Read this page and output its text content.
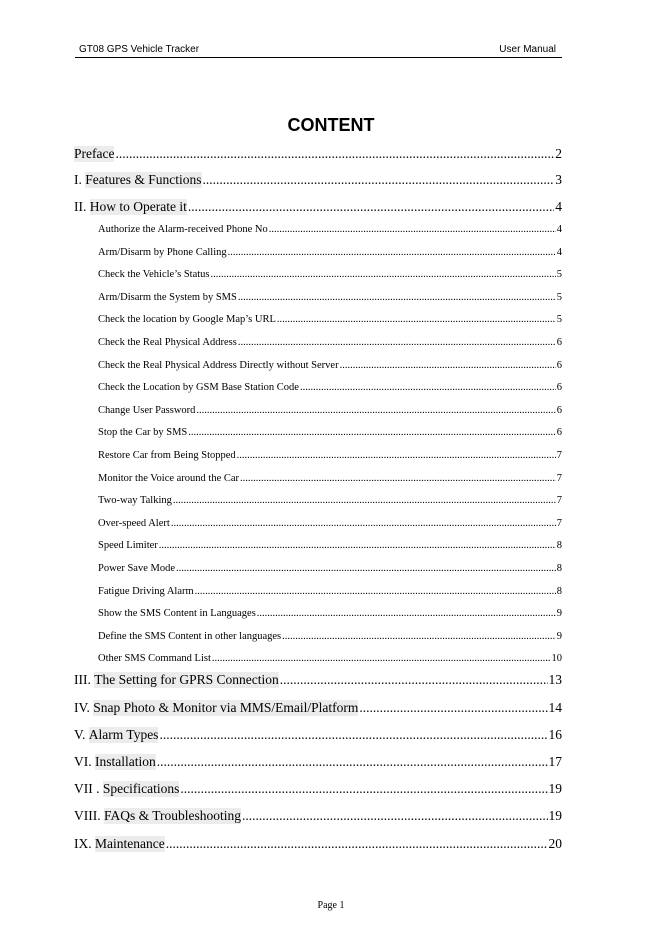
GT08 GPS Vehicle Tracker	User Manual
CONTENT
Preface .....	2
I. Features & Functions .....	3
II. How to Operate it .....	4
Authorize the Alarm-received Phone No .....	4
Arm/Disarm by Phone Calling .....	4
Check the Vehicle’s Status .....	5
Arm/Disarm the System by SMS .....	5
Check the location by Google Map’s URL .....	5
Check the Real Physical Address .....	6
Check the Real Physical Address Directly without Server .....	6
Check the Location by GSM Base Station Code .....	6
Change User Password .....	6
Stop the Car by SMS .....	6
Restore Car from Being Stopped .....	7
Monitor the Voice around the Car .....	7
Two-way Talking .....	7
Over-speed Alert .....	7
Speed Limiter .....	8
Power Save Mode .....	8
Fatigue Driving Alarm .....	8
Show the SMS Content in Languages .....	9
Define the SMS Content in other languages .....	9
Other SMS Command List .....	10
III. The Setting for GPRS Connection .....	13
IV. Snap Photo & Monitor via MMS/Email/Platform .....	14
V. Alarm Types .....	16
VI. Installation .....	17
VII . Specifications .....	19
VIII. FAQs & Troubleshooting .....	19
IX. Maintenance .....	20
Page 1
